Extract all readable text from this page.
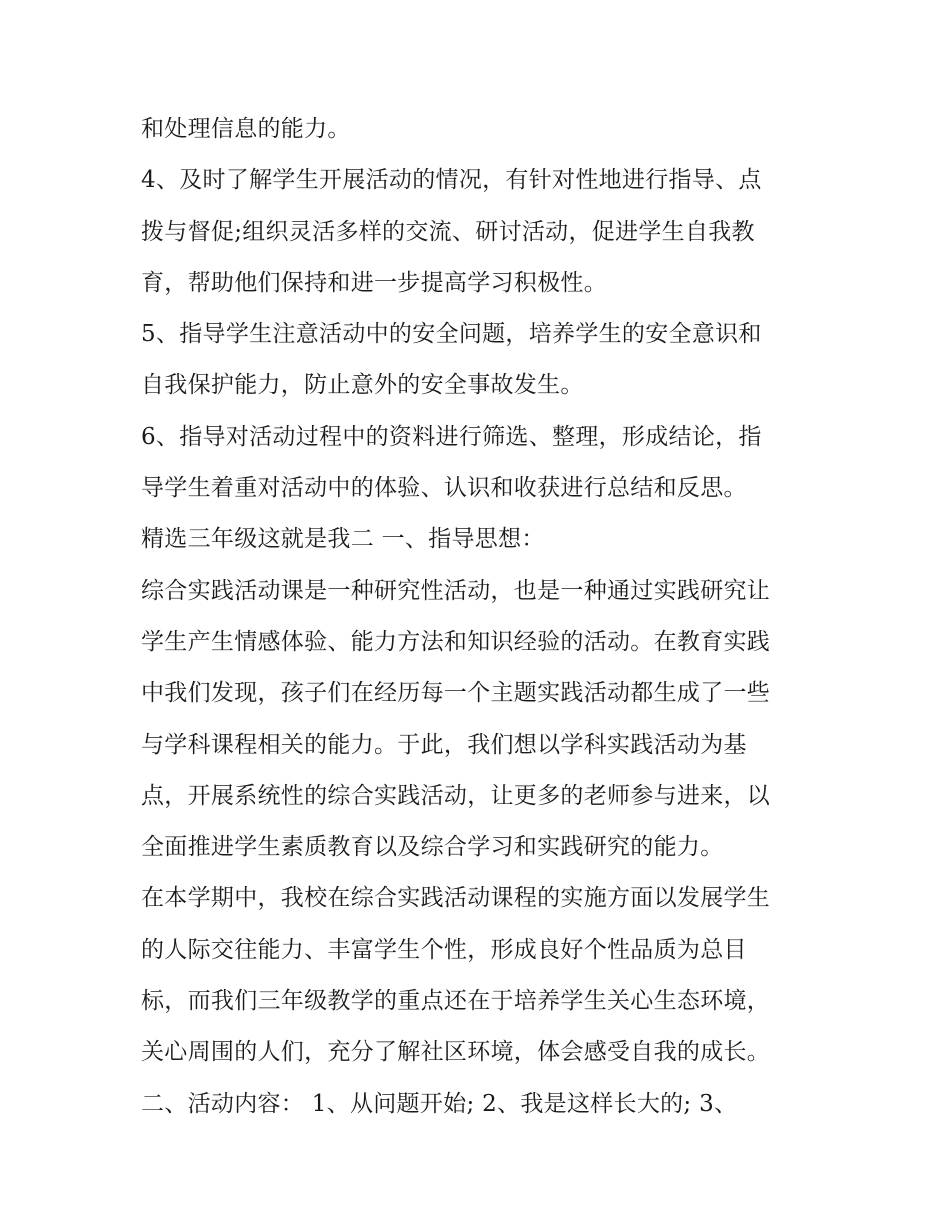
和处理信息的能力。
4、及时了解学生开展活动的情况，有针对性地进行指导、点
拨与督促;组织灵活多样的交流、研讨活动，促进学生自我教
育，帮助他们保持和进一步提高学习积极性。
5、指导学生注意活动中的安全问题，培养学生的安全意识和
自我保护能力，防止意外的安全事故发生。
6、指导对活动过程中的资料进行筛选、整理，形成结论，指
导学生着重对活动中的体验、认识和收获进行总结和反思。
精选三年级这就是我二 一、指导思想：
综合实践活动课是一种研究性活动，也是一种通过实践研究让
学生产生情感体验、能力方法和知识经验的活动。在教育实践
中我们发现，孩子们在经历每一个主题实践活动都生成了一些
与学科课程相关的能力。于此，我们想以学科实践活动为基
点，开展系统性的综合实践活动，让更多的老师参与进来，以
全面推进学生素质教育以及综合学习和实践研究的能力。
在本学期中，我校在综合实践活动课程的实施方面以发展学生
的人际交往能力、丰富学生个性，形成良好个性品质为总目
标，而我们三年级教学的重点还在于培养学生关心生态环境，
关心周围的人们，充分了解社区环境，体会感受自我的成长。
二、活动内容： 1、从问题开始; 2、我是这样长大的; 3、
